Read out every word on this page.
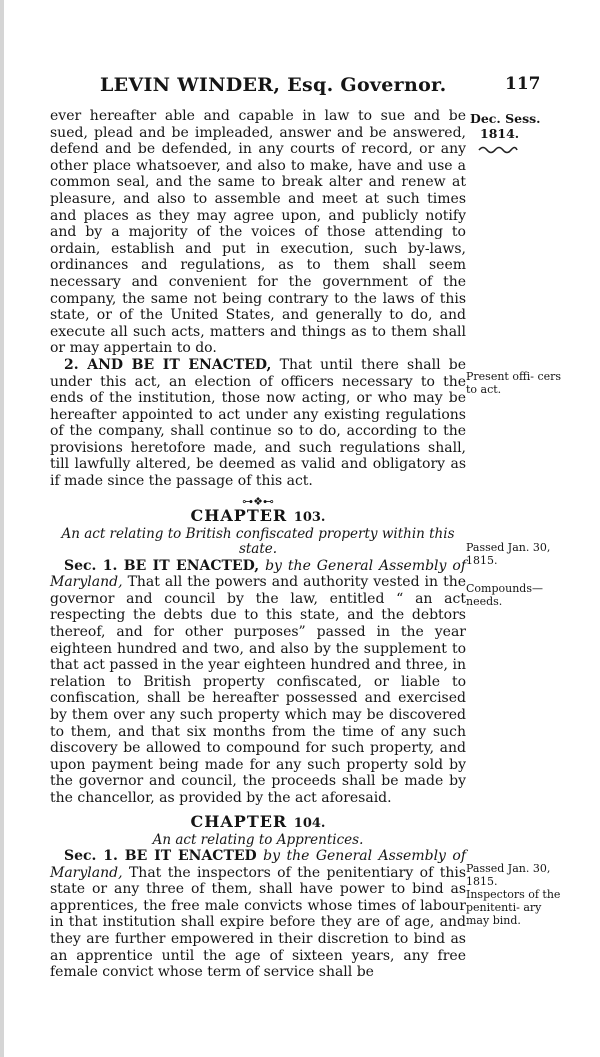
LEVIN WINDER, Esq. Governor.	117
Dec. Sess.
1814.
Present offi- cers to act.
Passed Jan. 30, 1815.
Compounds— needs.
Passed Jan. 30, 1815.
Inspectors of the penitenti- ary may bind.

ever hereafter able and capable in law to sue and be sued, plead and be impleaded, answer and be answered, defend and be defended, in any courts of record, or any other place whatsoever, and also to make, have and use a common seal, and the same to break alter and renew at pleasure, and also to assemble and meet at such times and places as they may agree upon, and publicly notify and by a majority of the voices of those attending to ordain, establish and put in execution, such by-laws, ordinances and regulations, as to them shall seem necessary and convenient for the government of the company, the same not being contrary to the laws of this state, or of the United States, and generally to do, and execute all such acts, matters and things as to them shall or may appertain to do.

2. AND BE IT ENACTED, That until there shall be under this act, an election of officers necessary to the ends of the institution, those now acting, or who may be hereafter appointed to act under any existing regulations of the company, shall continue so to do, according to the provisions heretofore made, and such regulations shall, till lawfully altered, be deemed as valid and obligatory as if made since the passage of this act.

⊶❖⊷

CHAPTER 103.

An act relating to British confiscated property within this state.

Sec. 1. BE IT ENACTED, by the General Assembly of Maryland, That all the powers and authority vested in the governor and council by the law, entitled “ an act respecting the debts due to this state, and the debtors thereof, and for other purposes” passed in the year eighteen hundred and two, and also by the supplement to that act passed in the year eighteen hundred and three, in relation to British property confiscated, or liable to confiscation, shall be hereafter possessed and exercised by them over any such property which may be discovered to them, and that six months from the time of any such discovery be allowed to compound for such property, and upon payment being made for any such property sold by the governor and council, the proceeds shall be made by the chancellor, as provided by the act aforesaid.

CHAPTER 104.

An act relating to Apprentices.

Sec. 1. BE IT ENACTED by the General Assembly of Maryland, That the inspectors of the penitentiary of this state or any three of them, shall have power to bind as apprentices, the free male convicts whose times of labour in that institution shall expire before they are of age, and they are further empowered in their discretion to bind as an apprentice until the age of sixteen years, any free female convict whose term of service shall be
